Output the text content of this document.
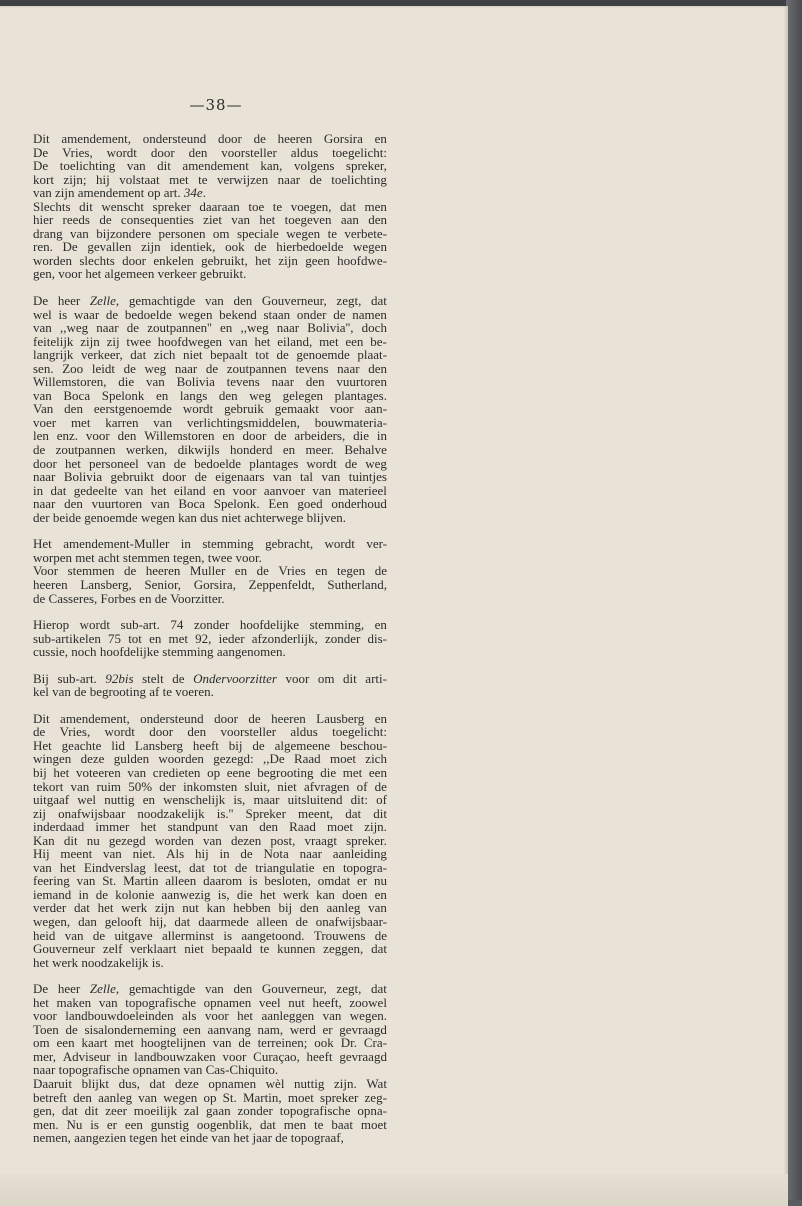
—38—
Dit amendement, ondersteund door de heeren Gorsira en
De Vries, wordt door den voorsteller aldus toegelicht:
De toelichting van dit amendement kan, volgens spreker,
kort zijn; hij volstaat met te verwijzen naar de toelichting
van zijn amendement op art. 34e.
Slechts dit wenscht spreker daaraan toe te voegen, dat men
hier reeds de consequenties ziet van het toegeven aan den
drang van bijzondere personen om speciale wegen te verbete-
ren. De gevallen zijn identiek, ook de hierbedoelde wegen
worden slechts door enkelen gebruikt, het zijn geen hoofdwe-
gen, voor het algemeen verkeer gebruikt.
De heer Zelle, gemachtigde van den Gouverneur, zegt, dat
wel is waar de bedoelde wegen bekend staan onder de namen
van ,,weg naar de zoutpannen'' en ,,weg naar Bolivia'', doch
feitelijk zijn zij twee hoofdwegen van het eiland, met een be-
langrijk verkeer, dat zich niet bepaalt tot de genoemde plaat-
sen. Zoo leidt de weg naar de zoutpannen tevens naar den
Willemstoren, die van Bolivia tevens naar den vuurtoren
van Boca Spelonk en langs den weg gelegen plantages.
Van den eerstgenoemde wordt gebruik gemaakt voor aan-
voer met karren van verlichtingsmiddelen, bouwmateria-
len enz. voor den Willemstoren en door de arbeiders, die in
de zoutpannen werken, dikwijls honderd en meer. Behalve
door het personeel van de bedoelde plantages wordt de weg
naar Bolivia gebruikt door de eigenaars van tal van tuintjes
in dat gedeelte van het eiland en voor aanvoer van materieel
naar den vuurtoren van Boca Spelonk. Een goed onderhoud
der beide genoemde wegen kan dus niet achterwege blijven.
Het amendement-Muller in stemming gebracht, wordt ver-
worpen met acht stemmen tegen, twee voor.
Voor stemmen de heeren Muller en de Vries en tegen de
heeren Lansberg, Senior, Gorsira, Zeppenfeldt, Sutherland,
de Casseres, Forbes en de Voorzitter.
Hierop wordt sub-art. 74 zonder hoofdelijke stemming, en
sub-artikelen 75 tot en met 92, ieder afzonderlijk, zonder dis-
cussie, noch hoofdelijke stemming aangenomen.
Bij sub-art. 92bis stelt de Ondervoorzitter voor om dit arti-
kel van de begrooting af te voeren.
Dit amendement, ondersteund door de heeren Lausberg en
de Vries, wordt door den voorsteller aldus toegelicht:
Het geachte lid Lansberg heeft bij de algemeene beschou-
wingen deze gulden woorden gezegd: ,,De Raad moet zich
bij het voteeren van credieten op eene begrooting die met een
tekort van ruim 50% der inkomsten sluit, niet afvragen of de
uitgaaf wel nuttig en wenschelijk is, maar uitsluitend dit: of
zij onafwijsbaar noodzakelijk is.'' Spreker meent, dat dit
inderdaad immer het standpunt van den Raad moet zijn.
Kan dit nu gezegd worden van dezen post, vraagt spreker.
Hij meent van niet. Als hij in de Nota naar aanleiding
van het Eindverslag leest, dat tot de triangulatie en topogra-
feering van St. Martin alleen daarom is besloten, omdat er nu
iemand in de kolonie aanwezig is, die het werk kan doen en
verder dat het werk zijn nut kan hebben bij den aanleg van
wegen, dan gelooft hij, dat daarmede alleen de onafwijsbaar-
heid van de uitgave allerminst is aangetoond. Trouwens de
Gouverneur zelf verklaart niet bepaald te kunnen zeggen, dat
het werk noodzakelijk is.
De heer Zelle, gemachtigde van den Gouverneur, zegt, dat
het maken van topografische opnamen veel nut heeft, zoowel
voor landbouwdoeleinden als voor het aanleggen van wegen.
Toen de sisalonderneming een aanvang nam, werd er gevraagd
om een kaart met hoogtelijnen van de terreinen; ook Dr. Cra-
mer, Adviseur in landbouwzaken voor Curaçao, heeft gevraagd
naar topografische opnamen van Cas-Chiquito.
Daaruit blijkt dus, dat deze opnamen wèl nuttig zijn. Wat
betreft den aanleg van wegen op St. Martin, moet spreker zeg-
gen, dat dit zeer moeilijk zal gaan zonder topografische opna-
men. Nu is er een gunstig oogenblik, dat men te baat moet
nemen, aangezien tegen het einde van het jaar de topograaf,
